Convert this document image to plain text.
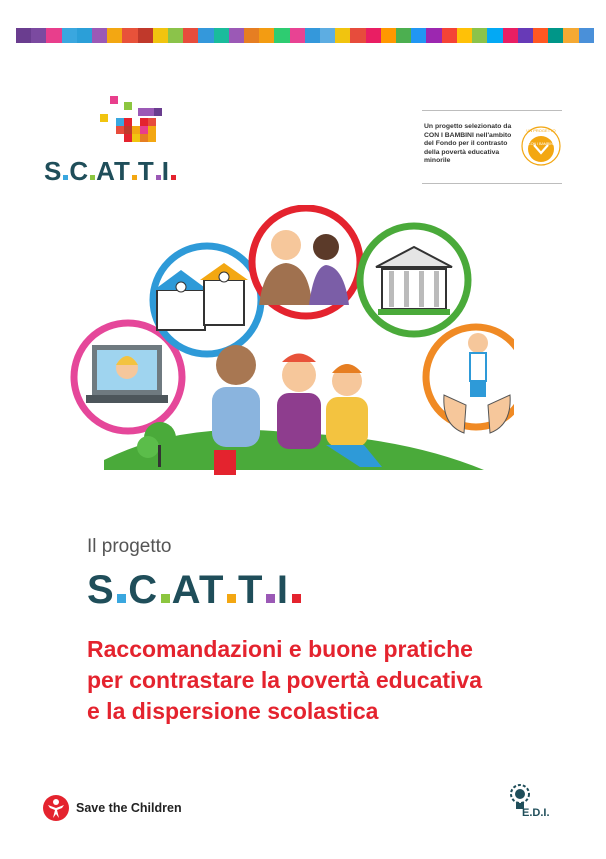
S C AT T I
Un progetto selezionato da CON I BAMBINI nell'ambito del Fondo per il contrasto della povertà educativa minorile
UN PROGETTO
CON I BAMBINI
Il progetto
S C AT T I
Raccomandazioni e buone pratiche
per contrastare la povertà educativa
e la dispersione scolastica
Save the Children	E.D.I.
